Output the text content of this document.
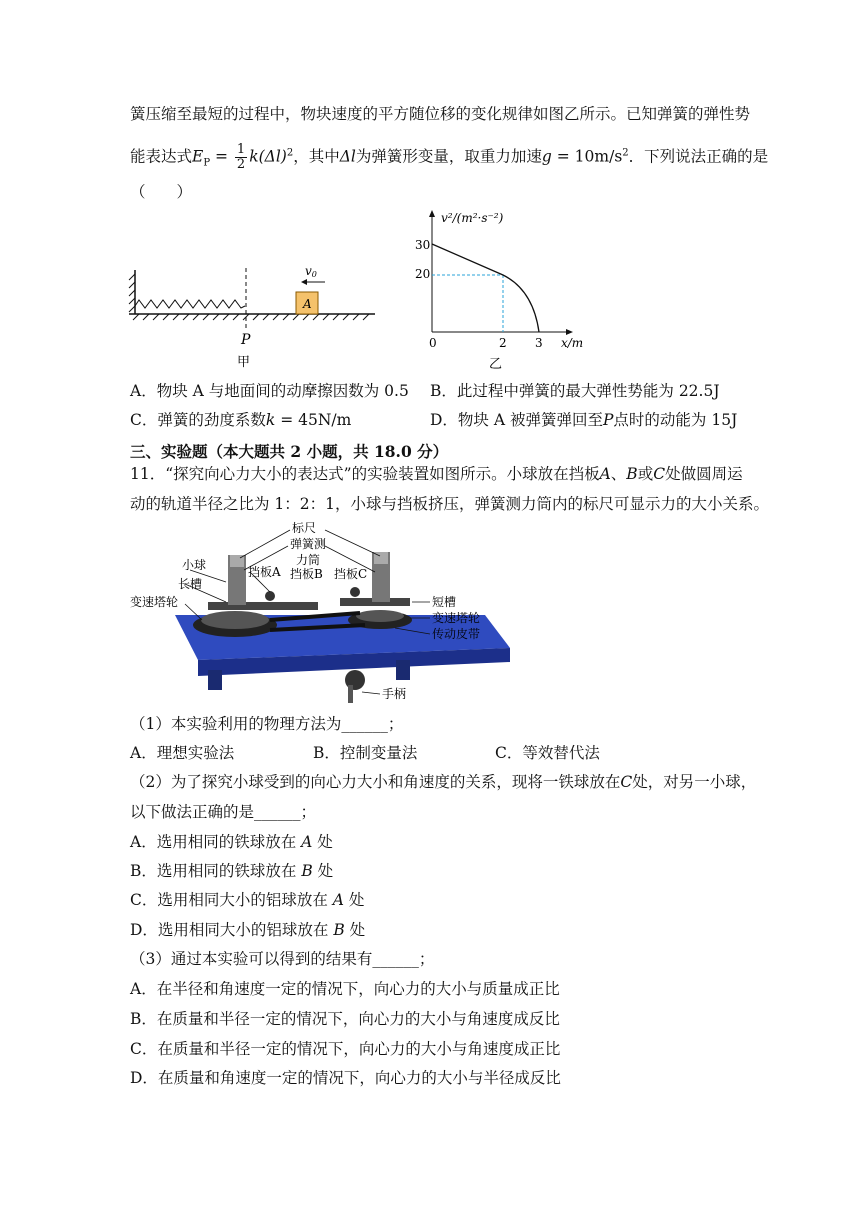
簧压缩至最短的过程中，物块速度的平方随位移的变化规律如图乙所示。已知弹簧的弹性势
能表达式$E_P = \frac{1}{2} k(\Delta l)^2$，其中Δl为弹簧形变量，取重力加速$g = 10m/s^2$．下列说法正确的是
（　　）
P
A
v0
甲
v²/(m²·s⁻²)
x/m
30
20
0	2 3
乙
A．物块 A 与地面间的动摩擦因数为 0.5 B．此过程中弹簧的最大弹性势能为 22.5J
C．弹簧的劲度系数k = 45N/m	D．物块 A 被弹簧弹回至P点时的动能为 15J
三、实验题（本大题共 2 小题，共 18.0 分）
11．“探究向心力大小的表达式”的实验装置如图所示。小球放在挡板A、B或C处做圆周运
动的轨道半径之比为 1：2：1，小球与挡板挤压，弹簧测力筒内的标尺可显示力的大小关系。
标尺
弹簧测
力筒
小球
长槽
挡板A 挡板B 挡板C
变速塔轮	短槽
变速塔轮
传动皮带
手柄
（1）本实验利用的物理方法为______；
A．理想实验法	B．控制变量法	C．等效替代法
（2）为了探究小球受到的向心力大小和角速度的关系，现将一铁球放在C处，对另一小球，
以下做法正确的是______；
A．选用相同的铁球放在 A 处
B．选用相同的铁球放在 B 处
C．选用相同大小的铝球放在 A 处
D．选用相同大小的铝球放在 B 处
（3）通过本实验可以得到的结果有______；
A．在半径和角速度一定的情况下，向心力的大小与质量成正比
B．在质量和半径一定的情况下，向心力的大小与角速度成反比
C．在质量和半径一定的情况下，向心力的大小与角速度成正比
D．在质量和角速度一定的情况下，向心力的大小与半径成反比
